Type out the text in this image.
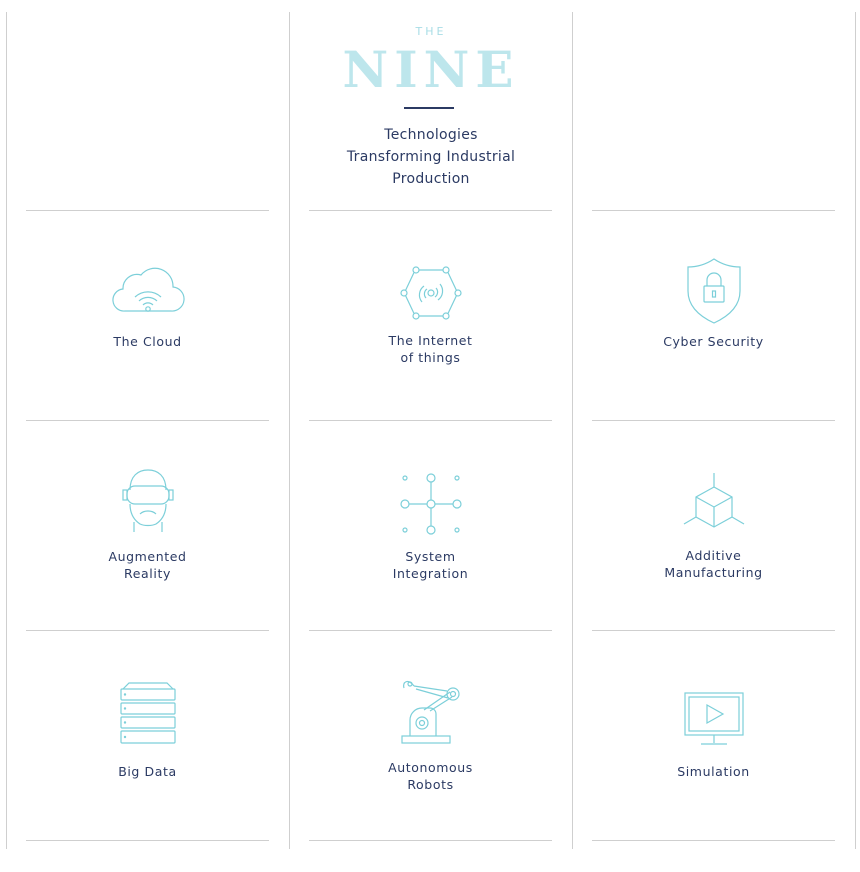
THE
NINE
Technologies
Transforming Industrial
Production
The Cloud	The Internet
of things
Cyber Security
Augmented
Reality
System
Integration
Additive
Manufacturing
Big Data	Autonomous
Robots
Simulation
